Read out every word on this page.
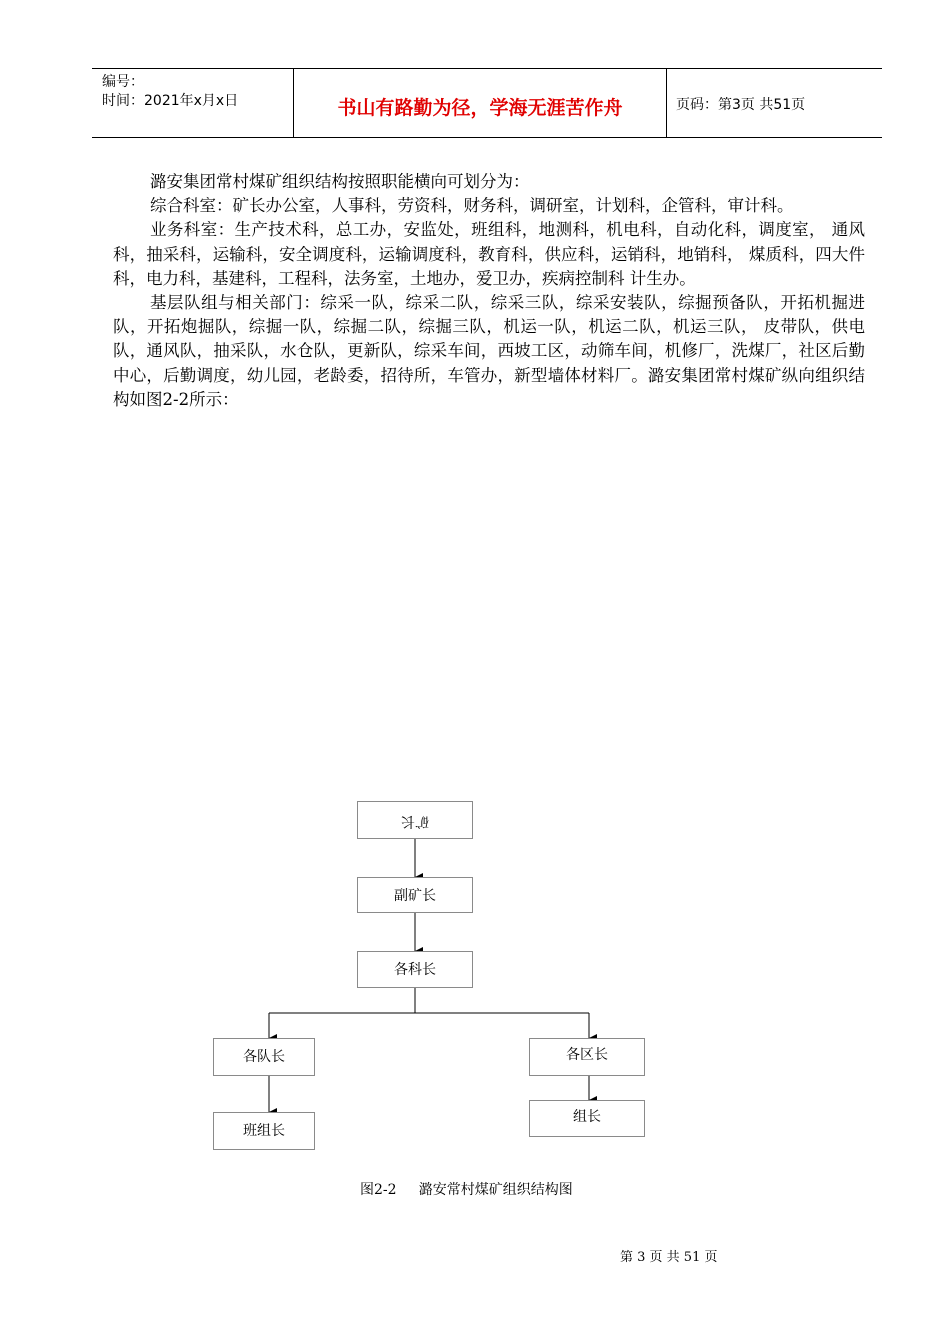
编号：
时间：2021年x月x日	书山有路勤为径，学海无涯苦作舟	页码：第3页 共51页

潞安集团常村煤矿组织结构按照职能横向可划分为：

综合科室：矿长办公室，人事科，劳资科，财务科，调研室，计划科，企管科，审计科。

业务科室：生产技术科，总工办，安监处，班组科，地测科，机电科，自动化科，调度室， 通风科，抽采科，运输科，安全调度科，运输调度科，教育科，供应科，运销科，地销科， 煤质科，四大件科，电力科，基建科，工程科，法务室，土地办，爱卫办，疾病控制科 计生办。

基层队组与相关部门：综采一队，综采二队，综采三队，综采安装队，综掘预备队，开拓机掘进队，开拓炮掘队，综掘一队，综掘二队，综掘三队，机运一队，机运二队，机运三队， 皮带队，供电队，通风队，抽采队，水仓队，更新队，综采车间，西坡工区，动筛车间，机修厂，洗煤厂，社区后勤中心，后勤调度，幼儿园，老龄委，招待所，车管办，新型墙体材料厂。潞安集团常村煤矿纵向组织结构如图2-2所示：

矿长
副矿长
各科长
各队长
班组长
各区长
组长
图2-2     潞安常村煤矿组织结构图
第 3 页 共 51 页
